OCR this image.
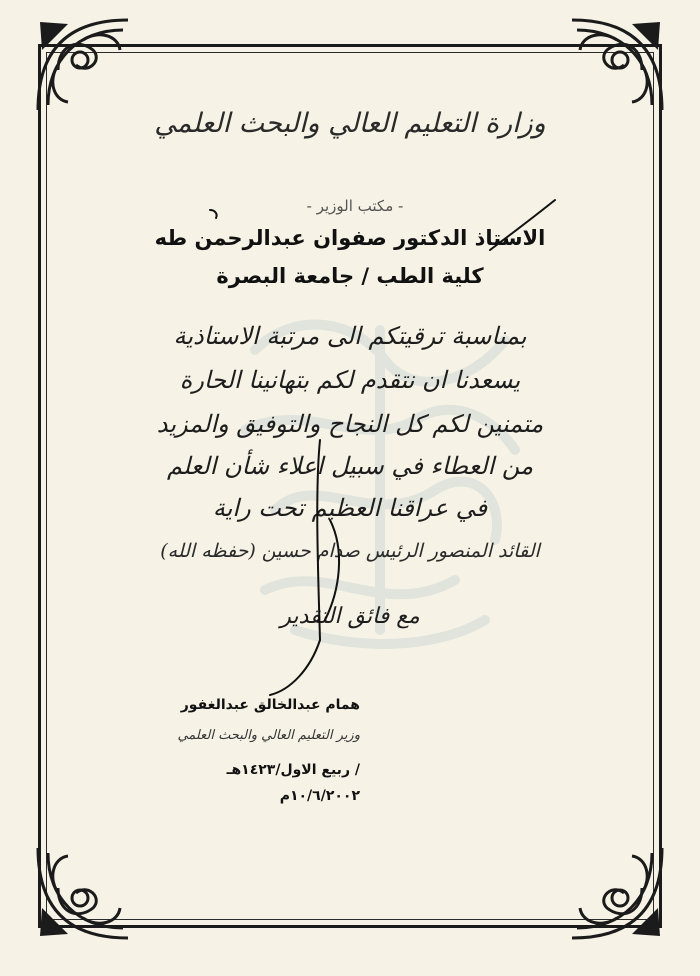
وزارة التعليم العالي والبحث العلمي
- مكتب الوزير -
الاستاذ الدكتور صفوان عبدالرحمن طه
كلية الطب / جامعة البصرة
بمناسبة ترقيتكم الى مرتبة الاستاذية
يسعدنا ان نتقدم لكم بتهانينا الحارة
متمنين لكم كل النجاح والتوفيق والمزيد
من العطاء في سبيل اعلاء شأن العلم
في عراقنا العظيم تحت راية
القائد المنصور الرئيس صدام حسين (حفظه الله)
مع فائق التقدير
همام عبدالخالق عبدالغفور
وزير التعليم العالي والبحث العلمي
/ ربيع الاول/١٤٢٣هـ
١٠/٦/٢٠٠٢م
